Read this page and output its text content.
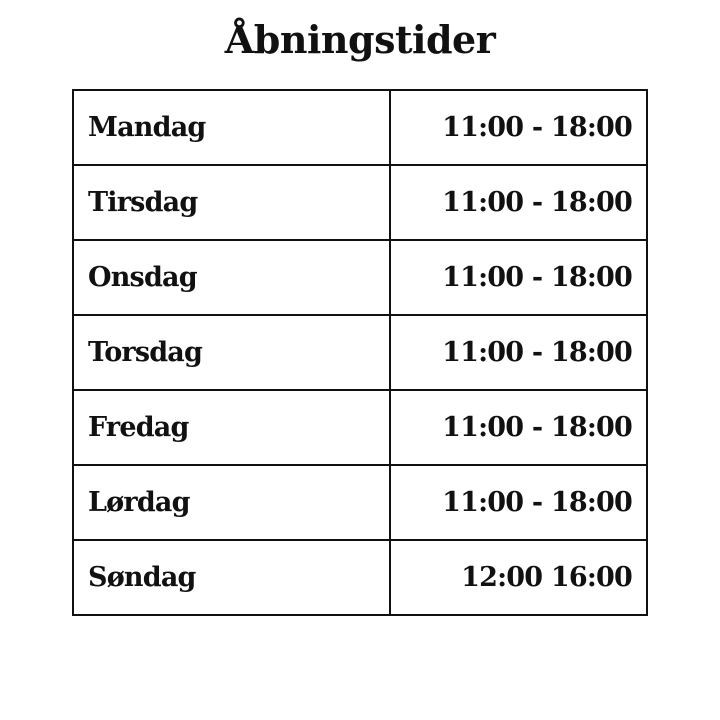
Åbningstider
Mandag	11:00 - 18:00
Tirsdag	11:00 - 18:00
Onsdag	11:00 - 18:00
Torsdag	11:00 - 18:00
Fredag	11:00 - 18:00
Lørdag	11:00 - 18:00
Søndag	12:00 16:00
